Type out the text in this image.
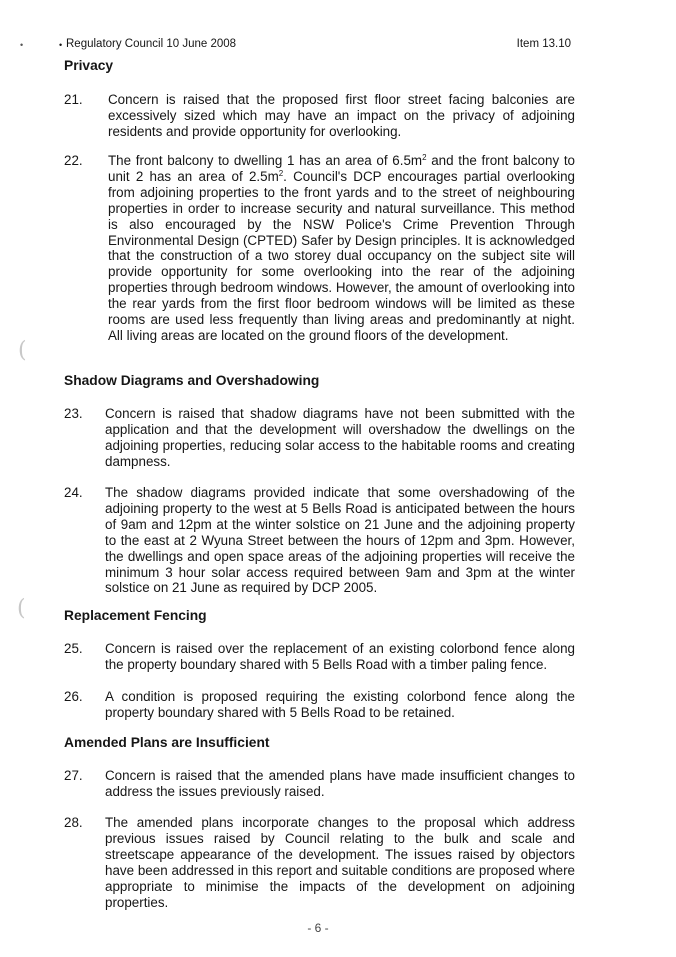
•	• Regulatory Council 10 June 2008	Item 13.10
Privacy
21.	Concern is raised that the proposed first floor street facing balconies are excessively sized which may have an impact on the privacy of adjoining residents and provide opportunity for overlooking.
22.	The front balcony to dwelling 1 has an area of $6.5m^2$ and the front balcony to unit 2 has an area of $2.5m^2$. Council's DCP encourages partial overlooking from adjoining properties to the front yards and to the street of neighbouring properties in order to increase security and natural surveillance. This method is also encouraged by the NSW Police's Crime Prevention Through Environmental Design (CPTED) Safer by Design principles. It is acknowledged that the construction of a two storey dual occupancy on the subject site will provide opportunity for some overlooking into the rear of the adjoining properties through bedroom windows. However, the amount of overlooking into the rear yards from the first floor bedroom windows will be limited as these rooms are used less frequently than living areas and predominantly at night. All living areas are located on the ground floors of the development.
Shadow Diagrams and Overshadowing
23.	Concern is raised that shadow diagrams have not been submitted with the application and that the development will overshadow the dwellings on the adjoining properties, reducing solar access to the habitable rooms and creating dampness.
24.	The shadow diagrams provided indicate that some overshadowing of the adjoining property to the west at 5 Bells Road is anticipated between the hours of 9am and 12pm at the winter solstice on 21 June and the adjoining property to the east at 2 Wyuna Street between the hours of 12pm and 3pm. However, the dwellings and open space areas of the adjoining properties will receive the minimum 3 hour solar access required between 9am and 3pm at the winter solstice on 21 June as required by DCP 2005.
Replacement Fencing
25.	Concern is raised over the replacement of an existing colorbond fence along the property boundary shared with 5 Bells Road with a timber paling fence.
26.	A condition is proposed requiring the existing colorbond fence along the property boundary shared with 5 Bells Road to be retained.
Amended Plans are Insufficient
27.	Concern is raised that the amended plans have made insufficient changes to address the issues previously raised.
28.	The amended plans incorporate changes to the proposal which address previous issues raised by Council relating to the bulk and scale and streetscape appearance of the development. The issues raised by objectors have been addressed in this report and suitable conditions are proposed where appropriate to minimise the impacts of the development on adjoining properties.
- 6 -
(
(
